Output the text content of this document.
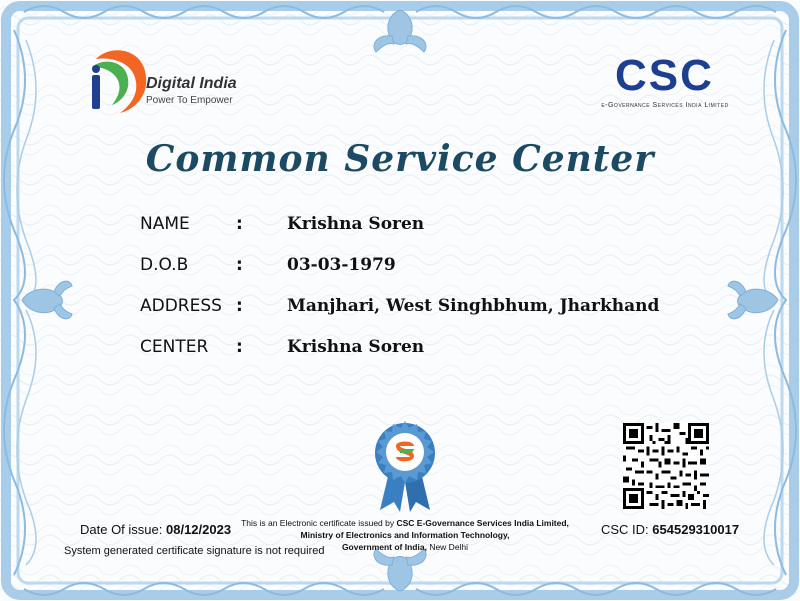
Digital India
Power To Empower
CSC
e-Governance Services India Limited
Common Service Center
NAME	:	Krishna Soren
D.O.B	:	03-03-1979
ADDRESS :	Manjhari, West Singhbhum, Jharkhand
CENTER :	Krishna Soren
Date Of issue: 08/12/2023
System generated certificate signature is not required
This is an Electronic certificate issued by CSC E-Governance Services India Limited,
Ministry of Electronics and Information Technology,
Government of India, New Delhi
CSC ID: 654529310017
